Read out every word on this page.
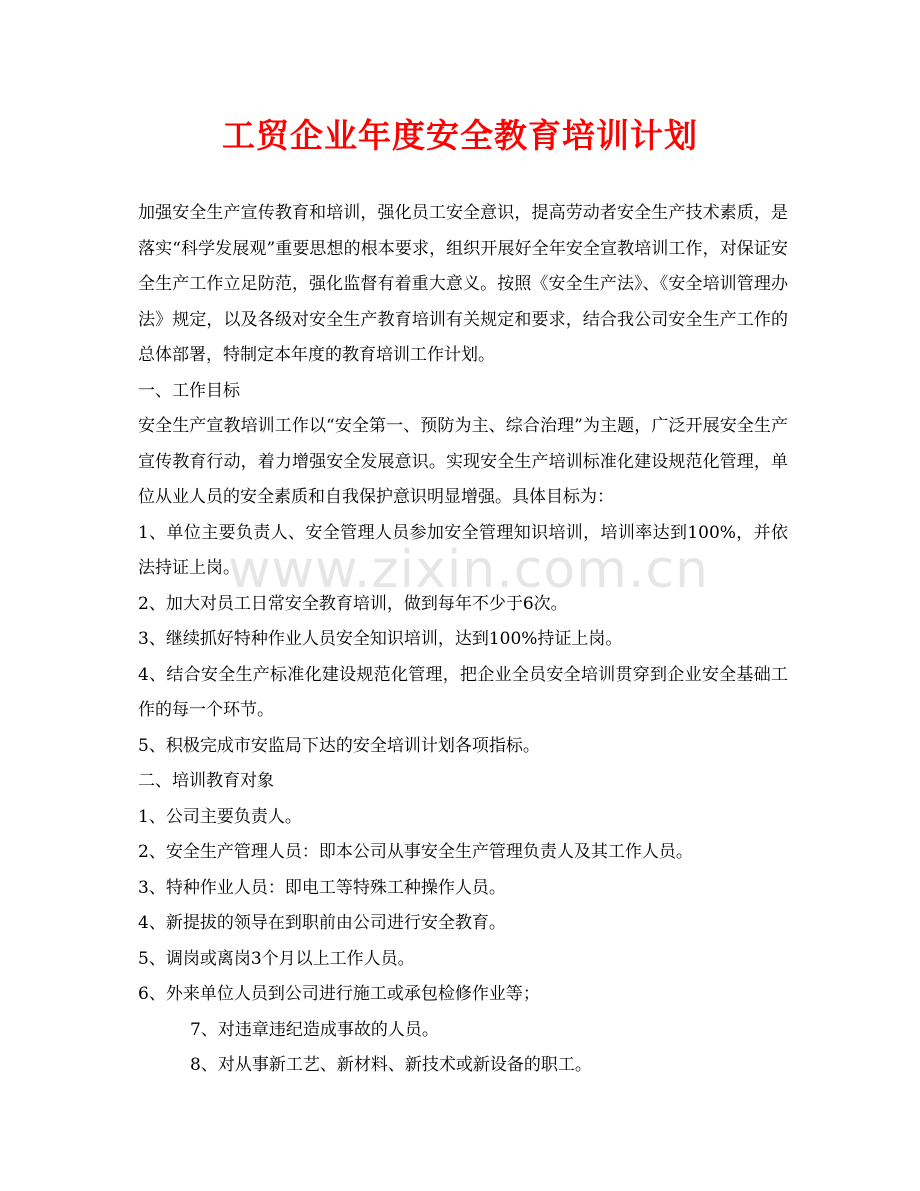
工贸企业年度安全教育培训计划

加强安全生产宣传教育和培训，强化员工安全意识，提高劳动者安全生产技术素质，是落实“科学发展观”重要思想的根本要求，组织开展好全年安全宣教培训工作，对保证安全生产工作立足防范，强化监督有着重大意义。按照《安全生产法》、《安全培训管理办法》规定，以及各级对安全生产教育培训有关规定和要求，结合我公司安全生产工作的总体部署，特制定本年度的教育培训工作计划。

一、工作目标

安全生产宣教培训工作以“安全第一、预防为主、综合治理”为主题，广泛开展安全生产宣传教育行动，着力增强安全发展意识。实现安全生产培训标准化建设规范化管理，单位从业人员的安全素质和自我保护意识明显增强。具体目标为：

1、单位主要负责人、安全管理人员参加安全管理知识培训，培训率达到100%，并依法持证上岗。

2、加大对员工日常安全教育培训，做到每年不少于6次。

3、继续抓好特种作业人员安全知识培训，达到100%持证上岗。

4、结合安全生产标准化建设规范化管理，把企业全员安全培训贯穿到企业安全基础工作的每一个环节。

5、积极完成市安监局下达的安全培训计划各项指标。

二、培训教育对象

1、公司主要负责人。

2、安全生产管理人员：即本公司从事安全生产管理负责人及其工作人员。

3、特种作业人员：即电工等特殊工种操作人员。

4、新提拔的领导在到职前由公司进行安全教育。

5、调岗或离岗3个月以上工作人员。

6、外来单位人员到公司进行施工或承包检修作业等；

7、对违章违纪造成事故的人员。

8、对从事新工艺、新材料、新技术或新设备的职工。

www.zixin.com.cn
